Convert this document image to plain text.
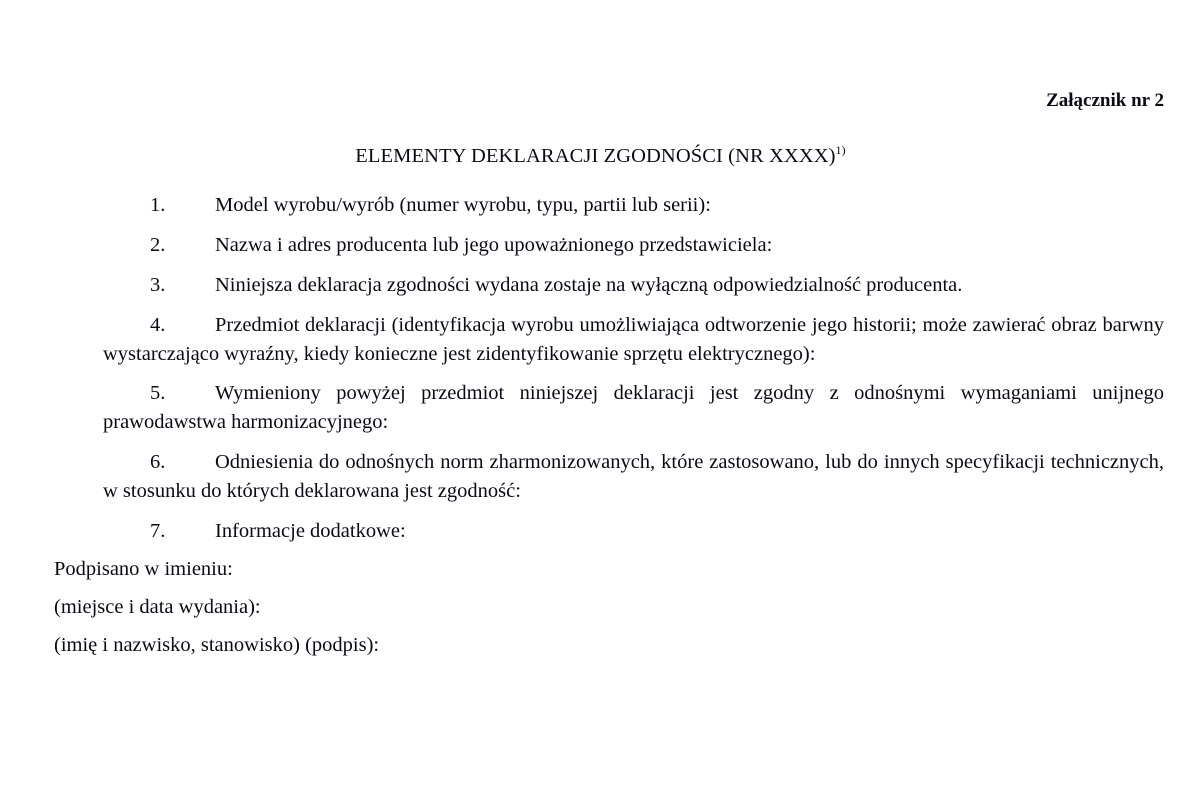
Załącznik nr 2
ELEMENTY DEKLARACJI ZGODNOŚCI (NR XXXX)$^{1)}$
1. Model wyrobu/wyrób (numer wyrobu, typu, partii lub serii):
2. Nazwa i adres producenta lub jego upoważnionego przedstawiciela:
3. Niniejsza deklaracja zgodności wydana zostaje na wyłączną odpowiedzialność producenta.
4. Przedmiot deklaracji (identyfikacja wyrobu umożliwiająca odtworzenie jego historii; może zawierać obraz barwny wystarczająco wyraźny, kiedy konieczne jest zidentyfikowanie sprzętu elektrycznego):
5. Wymieniony powyżej przedmiot niniejszej deklaracji jest zgodny z odnośnymi wymaganiami unijnego prawodawstwa harmonizacyjnego:
6. Odniesienia do odnośnych norm zharmonizowanych, które zastosowano, lub do innych specyfikacji technicznych, w stosunku do których deklarowana jest zgodność:
7. Informacje dodatkowe:
Podpisano w imieniu:
(miejsce i data wydania):
(imię i nazwisko, stanowisko) (podpis):
